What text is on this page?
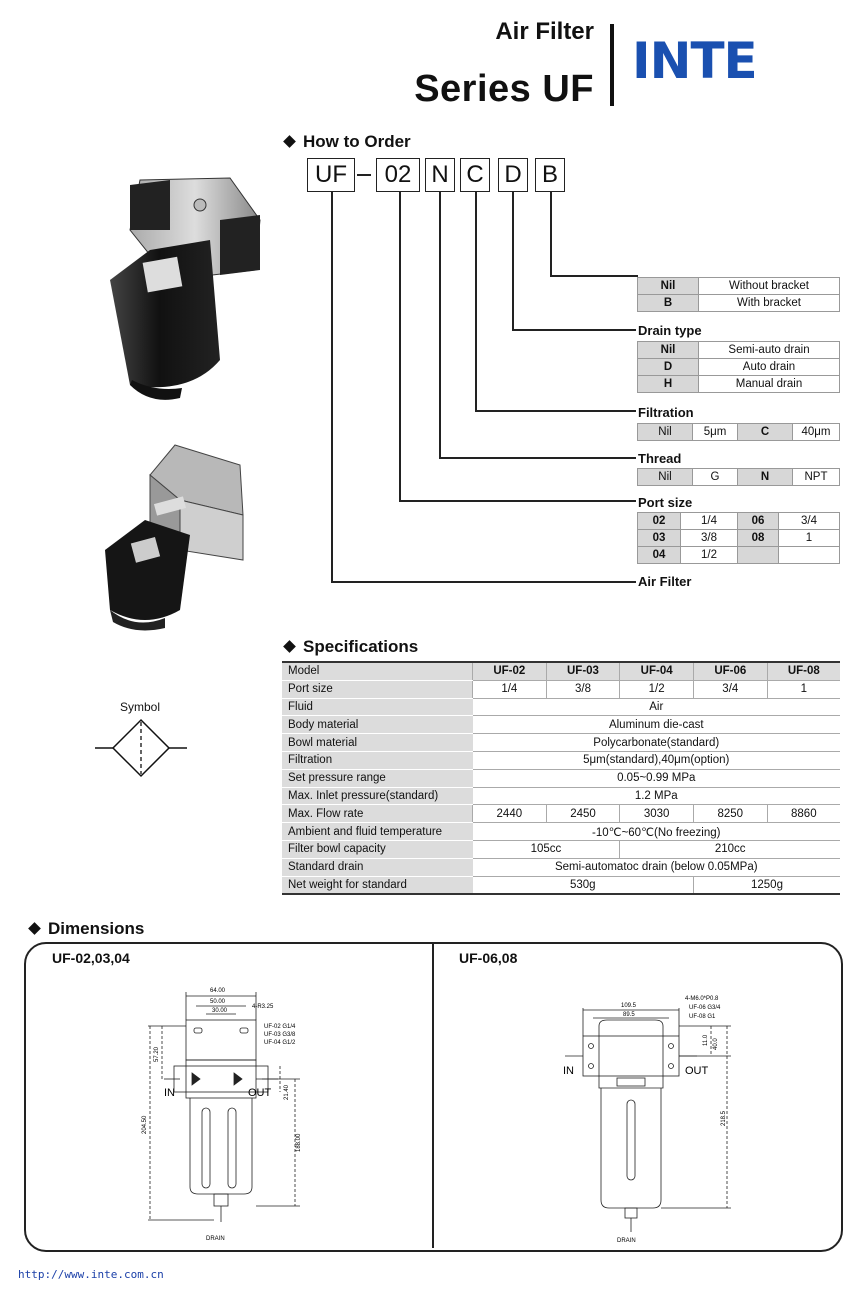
Air Filter
Series UF INTE
How to Order
UF	02 N C D B
Nil	Without bracket
B	With bracket
Drain type
Nil	Semi-auto drain
D	Auto drain
H	Manual drain
Filtration
Nil	5μm	C	40μm
Thread
Nil	G	N	NPT
Port size
02	1/4	06	3/4
03	3/8	08	1
04	1/2		
Air Filter
Specifications
Symbol
Model	UF-02	UF-03	UF-04	UF-06	UF-08
Port size	1/4	3/8	1/2	3/4	1
Fluid	Air				
Body material	Aluminum die-cast				
Bowl material	Polycarbonate(standard)				
Filtration	5μm(standard),40μm(option)				
Set pressure range	0.05~0.99 MPa				
Max. Inlet pressure(standard)	1.2 MPa				
Max. Flow rate	2440	2450	3030	8250	8860
Ambient and fluid temperature	-10℃~60℃(No freezing)				
Filter bowl capacity	105cc		210cc		
Standard drain	Semi-automatoc drain (below 0.05MPa)				
Net weight for standard	530g			1250g	
Dimensions
UF-02,03,04	UF-06,08
64.00
50.00
30.00
4-R3.25
UF-02 G1/4
UF-03 G3/8
UF-04 G1/2
57.20
204.50
21.40
188.00
IN	OUT
DRAIN
109.5
89.5
4-M6.0*P0.8
UF-06 G3/4
UF-08 G1
11.0 40.0
218.5
IN	OUT
DRAIN
http://www.inte.com.cn
